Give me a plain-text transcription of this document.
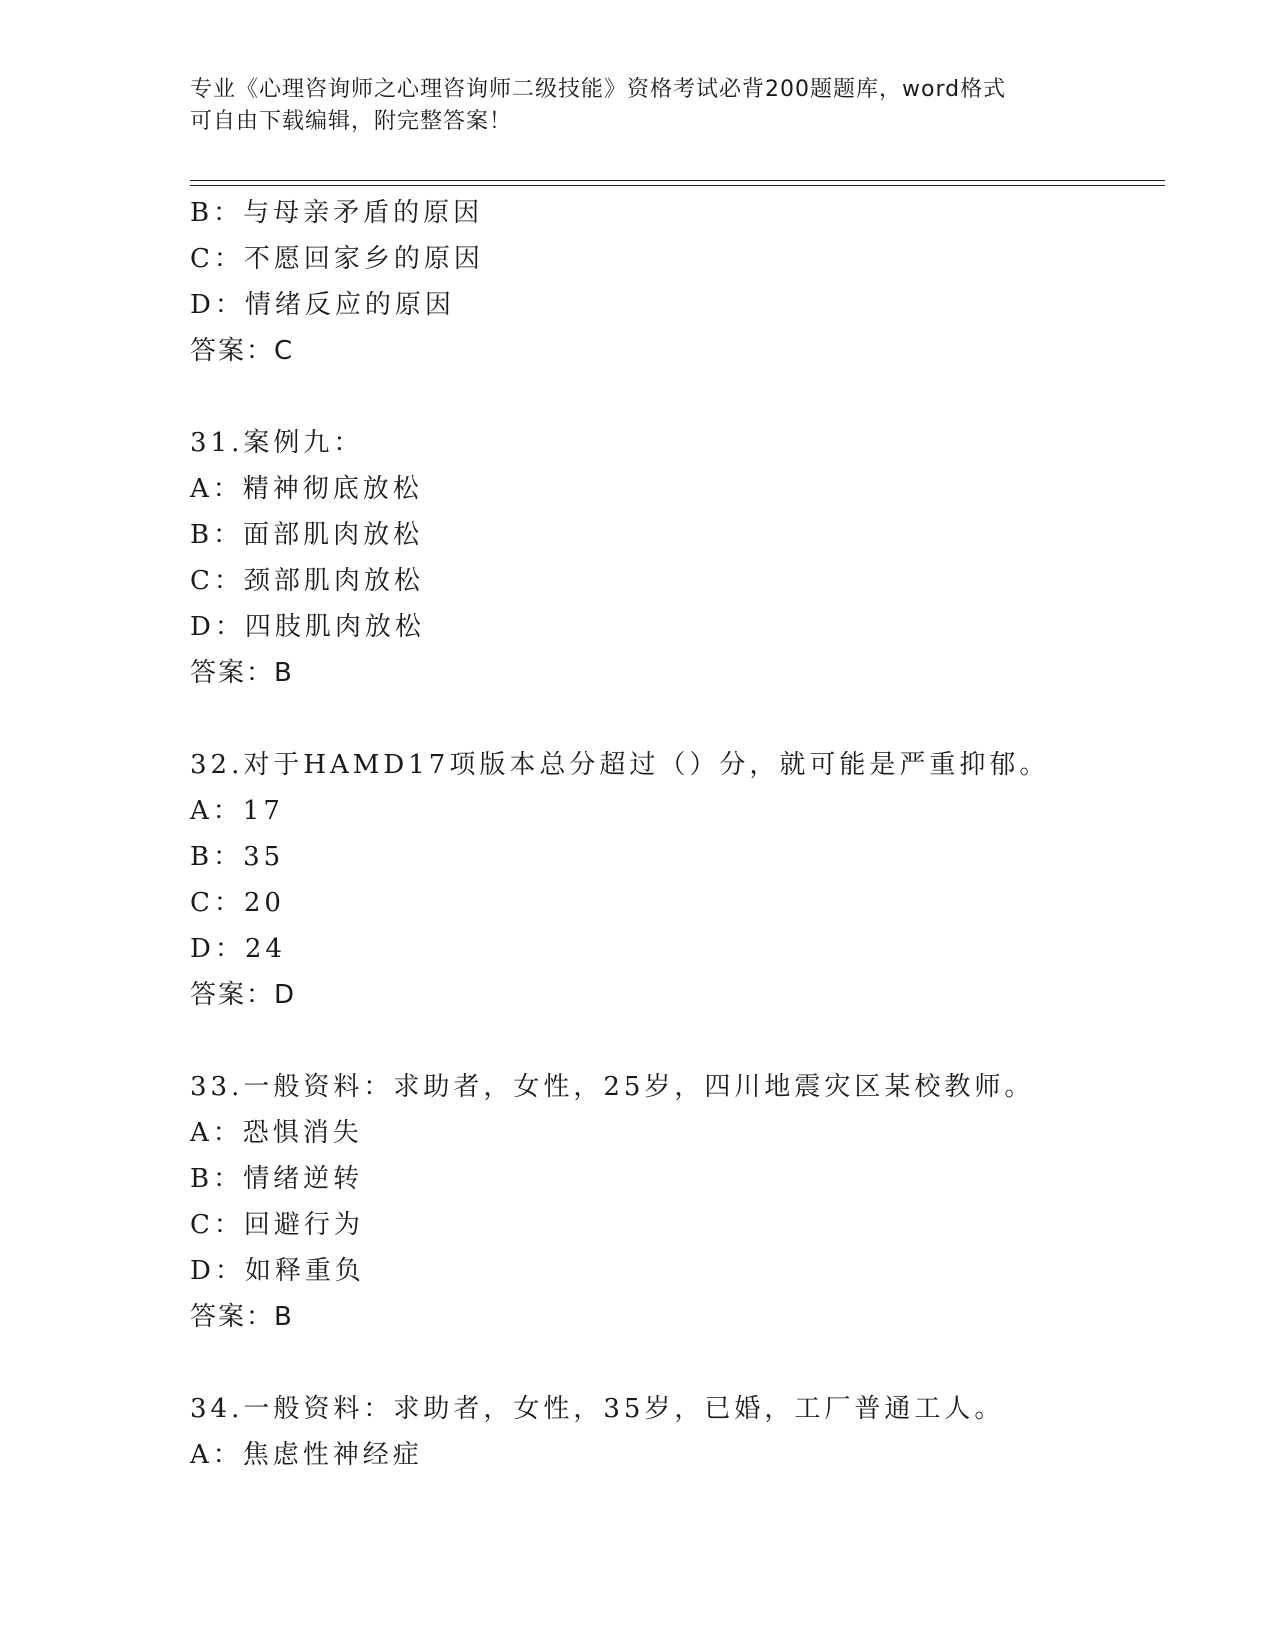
专业《心理咨询师之心理咨询师二级技能》资格考试必背200题题库，word格式
可自由下载编辑，附完整答案！
B：与母亲矛盾的原因
C：不愿回家乡的原因
D：情绪反应的原因
答案：C
31.案例九：
A：精神彻底放松
B：面部肌肉放松
C：颈部肌肉放松
D：四肢肌肉放松
答案：B
32.对于HAMD17项版本总分超过（）分，就可能是严重抑郁。
A：17
B：35
C：20
D：24
答案：D
33.一般资料：求助者，女性，25岁，四川地震灾区某校教师。
A：恐惧消失
B：情绪逆转
C：回避行为
D：如释重负
答案：B
34.一般资料：求助者，女性，35岁，已婚，工厂普通工人。
A：焦虑性神经症
